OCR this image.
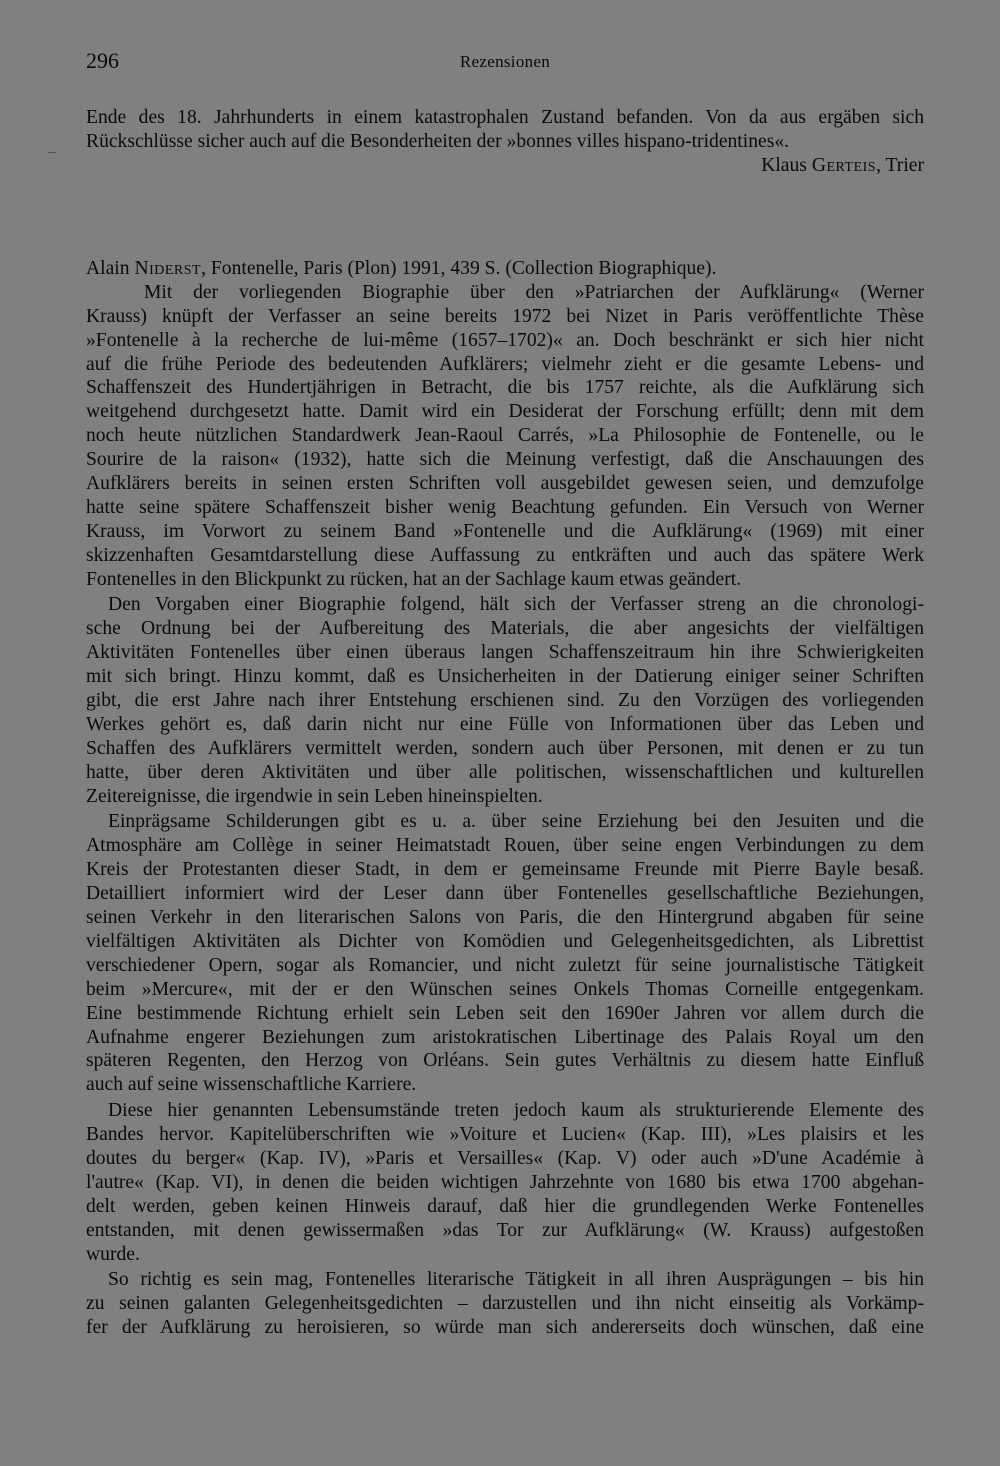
296	Rezensionen
Ende des 18. Jahrhunderts in einem katastrophalen Zustand befanden. Von da aus ergäben sich
Rückschlüsse sicher auch auf die Besonderheiten der »bonnes villes hispano-tridentines«.
Klaus Gerteis, Trier
Alain Niderst, Fontenelle, Paris (Plon) 1991, 439 S. (Collection Biographique).
Mit der vorliegenden Biographie über den »Patriarchen der Aufklärung« (Werner
Krauss) knüpft der Verfasser an seine bereits 1972 bei Nizet in Paris veröffentlichte Thèse
»Fontenelle à la recherche de lui-même (1657–1702)« an. Doch beschränkt er sich hier nicht
auf die frühe Periode des bedeutenden Aufklärers; vielmehr zieht er die gesamte Lebens- und
Schaffenszeit des Hundertjährigen in Betracht, die bis 1757 reichte, als die Aufklärung sich
weitgehend durchgesetzt hatte. Damit wird ein Desiderat der Forschung erfüllt; denn mit dem
noch heute nützlichen Standardwerk Jean-Raoul Carrés, »La Philosophie de Fontenelle, ou le
Sourire de la raison« (1932), hatte sich die Meinung verfestigt, daß die Anschauungen des
Aufklärers bereits in seinen ersten Schriften voll ausgebildet gewesen seien, und demzufolge
hatte seine spätere Schaffenszeit bisher wenig Beachtung gefunden. Ein Versuch von Werner
Krauss, im Vorwort zu seinem Band »Fontenelle und die Aufklärung« (1969) mit einer
skizzenhaften Gesamtdarstellung diese Auffassung zu entkräften und auch das spätere Werk
Fontenelles in den Blickpunkt zu rücken, hat an der Sachlage kaum etwas geändert.
Den Vorgaben einer Biographie folgend, hält sich der Verfasser streng an die chronologi-
sche Ordnung bei der Aufbereitung des Materials, die aber angesichts der vielfältigen
Aktivitäten Fontenelles über einen überaus langen Schaffenszeitraum hin ihre Schwierigkeiten
mit sich bringt. Hinzu kommt, daß es Unsicherheiten in der Datierung einiger seiner Schriften
gibt, die erst Jahre nach ihrer Entstehung erschienen sind. Zu den Vorzügen des vorliegenden
Werkes gehört es, daß darin nicht nur eine Fülle von Informationen über das Leben und
Schaffen des Aufklärers vermittelt werden, sondern auch über Personen, mit denen er zu tun
hatte, über deren Aktivitäten und über alle politischen, wissenschaftlichen und kulturellen
Zeitereignisse, die irgendwie in sein Leben hineinspielten.
Einprägsame Schilderungen gibt es u. a. über seine Erziehung bei den Jesuiten und die
Atmosphäre am Collège in seiner Heimatstadt Rouen, über seine engen Verbindungen zu dem
Kreis der Protestanten dieser Stadt, in dem er gemeinsame Freunde mit Pierre Bayle besaß.
Detailliert informiert wird der Leser dann über Fontenelles gesellschaftliche Beziehungen,
seinen Verkehr in den literarischen Salons von Paris, die den Hintergrund abgaben für seine
vielfältigen Aktivitäten als Dichter von Komödien und Gelegenheitsgedichten, als Librettist
verschiedener Opern, sogar als Romancier, und nicht zuletzt für seine journalistische Tätigkeit
beim »Mercure«, mit der er den Wünschen seines Onkels Thomas Corneille entgegenkam.
Eine bestimmende Richtung erhielt sein Leben seit den 1690er Jahren vor allem durch die
Aufnahme engerer Beziehungen zum aristokratischen Libertinage des Palais Royal um den
späteren Regenten, den Herzog von Orléans. Sein gutes Verhältnis zu diesem hatte Einfluß
auch auf seine wissenschaftliche Karriere.
Diese hier genannten Lebensumstände treten jedoch kaum als strukturierende Elemente des
Bandes hervor. Kapitelüberschriften wie »Voiture et Lucien« (Kap. III), »Les plaisirs et les
doutes du berger« (Kap. IV), »Paris et Versailles« (Kap. V) oder auch »D'une Académie à
l'autre« (Kap. VI), in denen die beiden wichtigen Jahrzehnte von 1680 bis etwa 1700 abgehan-
delt werden, geben keinen Hinweis darauf, daß hier die grundlegenden Werke Fontenelles
entstanden, mit denen gewissermaßen »das Tor zur Aufklärung« (W. Krauss) aufgestoßen
wurde.
So richtig es sein mag, Fontenelles literarische Tätigkeit in all ihren Ausprägungen – bis hin
zu seinen galanten Gelegenheitsgedichten – darzustellen und ihn nicht einseitig als Vorkämp-
fer der Aufklärung zu heroisieren, so würde man sich andererseits doch wünschen, daß eine
